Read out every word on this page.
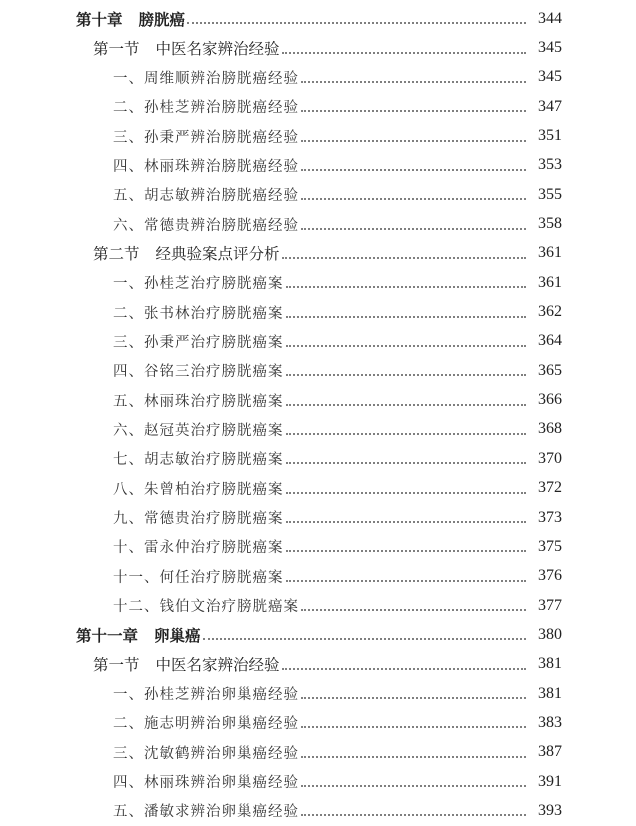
第十章 膀胱癌	344
第一节 中医名家辨治经验	345
一、周维顺辨治膀胱癌经验	345
二、孙桂芝辨治膀胱癌经验	347
三、孙秉严辨治膀胱癌经验	351
四、林丽珠辨治膀胱癌经验	353
五、胡志敏辨治膀胱癌经验	355
六、常德贵辨治膀胱癌经验	358
第二节 经典验案点评分析	361
一、孙桂芝治疗膀胱癌案	361
二、张书林治疗膀胱癌案	362
三、孙秉严治疗膀胱癌案	364
四、谷铭三治疗膀胱癌案	365
五、林丽珠治疗膀胱癌案	366
六、赵冠英治疗膀胱癌案	368
七、胡志敏治疗膀胱癌案	370
八、朱曾柏治疗膀胱癌案	372
九、常德贵治疗膀胱癌案	373
十、雷永仲治疗膀胱癌案	375
十一、何任治疗膀胱癌案	376
十二、钱伯文治疗膀胱癌案	377
第十一章 卵巢癌	380
第一节 中医名家辨治经验	381
一、孙桂芝辨治卵巢癌经验	381
二、施志明辨治卵巢癌经验	383
三、沈敏鹤辨治卵巢癌经验	387
四、林丽珠辨治卵巢癌经验	391
五、潘敏求辨治卵巢癌经验	393
